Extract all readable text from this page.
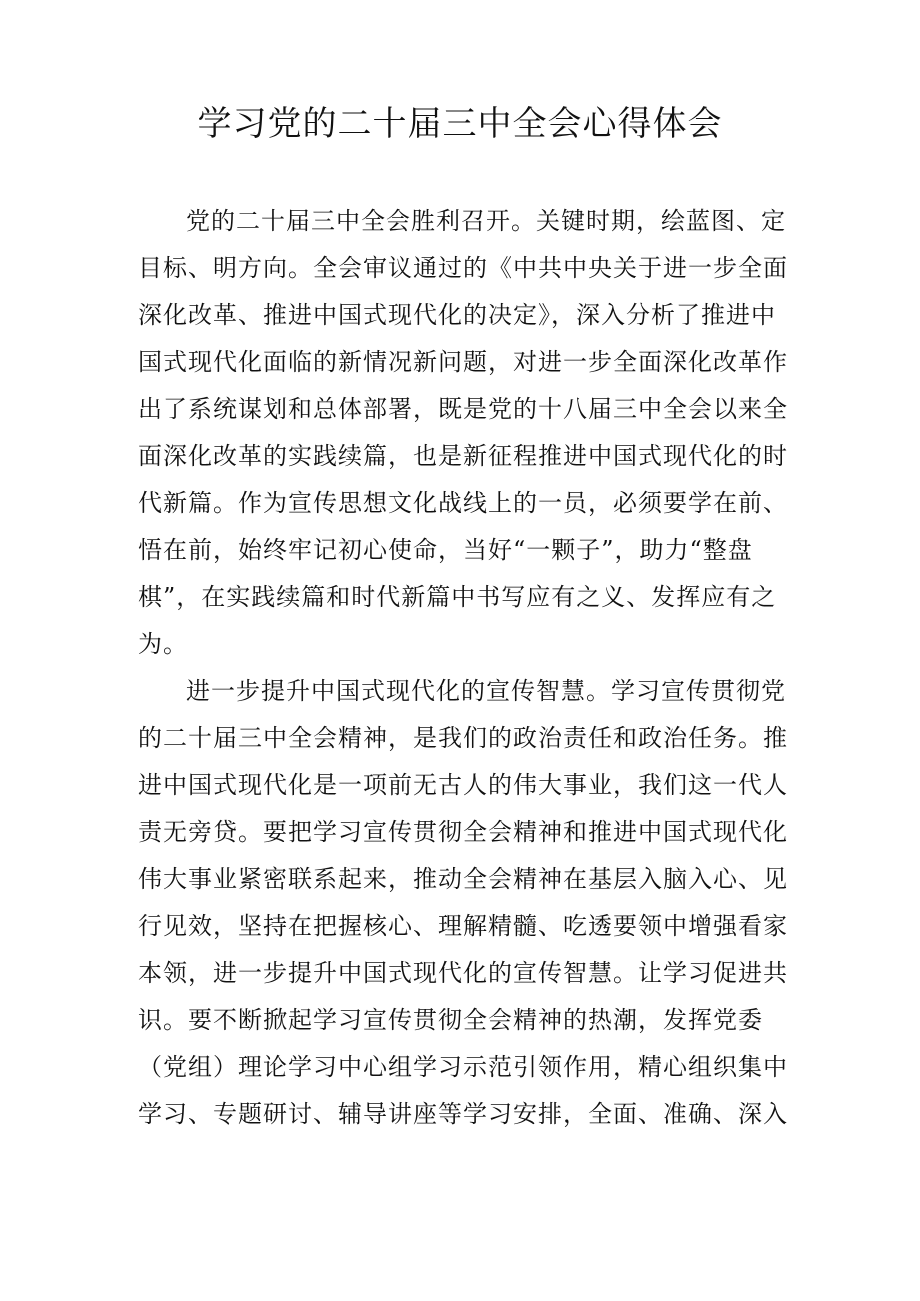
学习党的二十届三中全会心得体会

党的二十届三中全会胜利召开。关键时期，绘蓝图、定
目标、明方向。全会审议通过的《中共中央关于进一步全面
深化改革、推进中国式现代化的决定》，深入分析了推进中
国式现代化面临的新情况新问题，对进一步全面深化改革作
出了系统谋划和总体部署，既是党的十八届三中全会以来全
面深化改革的实践续篇，也是新征程推进中国式现代化的时
代新篇。作为宣传思想文化战线上的一员，必须要学在前、
悟在前，始终牢记初心使命，当好“一颗子”，助力“整盘
棋”，在实践续篇和时代新篇中书写应有之义、发挥应有之
为。

进一步提升中国式现代化的宣传智慧。学习宣传贯彻党
的二十届三中全会精神，是我们的政治责任和政治任务。推
进中国式现代化是一项前无古人的伟大事业，我们这一代人
责无旁贷。要把学习宣传贯彻全会精神和推进中国式现代化
伟大事业紧密联系起来，推动全会精神在基层入脑入心、见
行见效，坚持在把握核心、理解精髓、吃透要领中增强看家
本领，进一步提升中国式现代化的宣传智慧。让学习促进共
识。要不断掀起学习宣传贯彻全会精神的热潮，发挥党委
（党组）理论学习中心组学习示范引领作用，精心组织集中
学习、专题研讨、辅导讲座等学习安排，全面、准确、深入
